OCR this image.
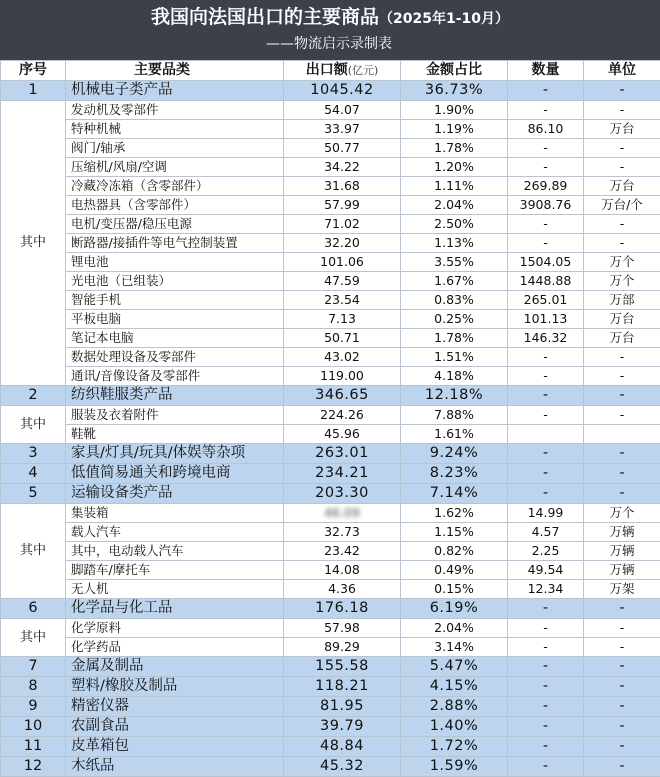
我国向法国出口的主要商品（2025年1-10月）
——物流启示录制表
序号	主要品类	出口额(亿元)	金额占比	数量	单位
1	机械电子类产品	1045.42	36.73%	-	-
其中	发动机及零部件	54.07	1.90%	-	-
	特种机械	33.97	1.19%	86.10	万台
	阀门/轴承	50.77	1.78%	-	-
	压缩机/风扇/空调	34.22	1.20%	-	-
	冷藏冷冻箱（含零部件）	31.68	1.11%	269.89	万台
	电热器具（含零部件）	57.99	2.04%	3908.76	万台/个
	电机/变压器/稳压电源	71.02	2.50%	-	-
	断路器/接插件等电气控制装置	32.20	1.13%	-	-
	锂电池	101.06	3.55%	1504.05	万个
	光电池（已组装）	47.59	1.67%	1448.88	万个
	智能手机	23.54	0.83%	265.01	万部
	平板电脑	7.13	0.25%	101.13	万台
	笔记本电脑	50.71	1.78%	146.32	万台
	数据处理设备及零部件	43.02	1.51%	-	-
	通讯/音像设备及零部件	119.00	4.18%	-	-
2	纺织鞋服类产品	346.65	12.18%	-	-
其中	服装及衣着附件	224.26	7.88%	-	-
	鞋靴	45.96	1.61%		
3	家具/灯具/玩具/体娱等杂项	263.01	9.24%	-	-
4	低值简易通关和跨境电商	234.21	8.23%	-	-
5	运输设备类产品	203.30	7.14%	-	-
其中	集装箱	46.09	1.62%	14.99	万个
	载人汽车	32.73	1.15%	4.57	万辆
	其中，电动载人汽车	23.42	0.82%	2.25	万辆
	脚踏车/摩托车	14.08	0.49%	49.54	万辆
	无人机	4.36	0.15%	12.34	万架
6	化学品与化工品	176.18	6.19%	-	-
其中	化学原料	57.98	2.04%	-	-
	化学药品	89.29	3.14%	-	-
7	金属及制品	155.58	5.47%	-	-
8	塑料/橡胶及制品	118.21	4.15%	-	-
9	精密仪器	81.95	2.88%	-	-
10	农副食品	39.79	1.40%	-	-
11	皮革箱包	48.84	1.72%	-	-
12	木纸品	45.32	1.59%	-	-
